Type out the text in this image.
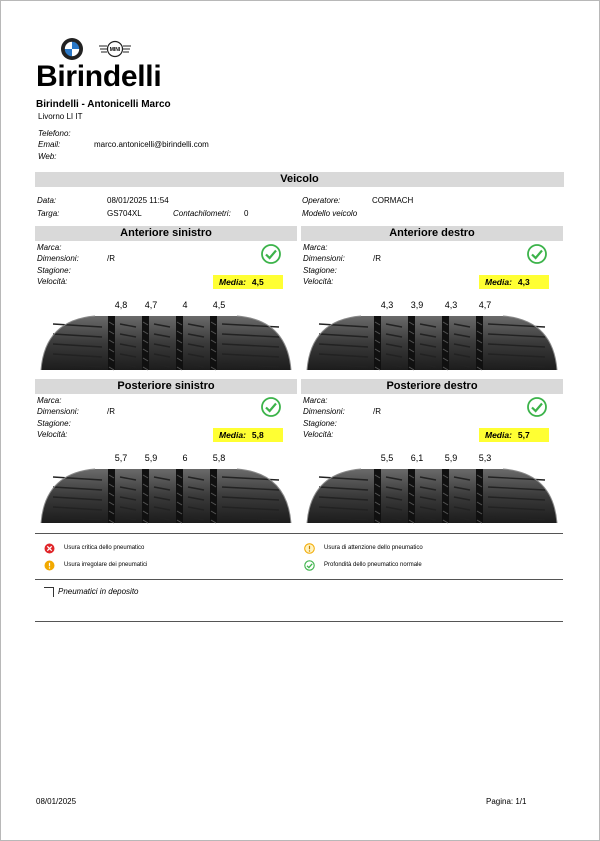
MINI
Birindelli
Birindelli - Antonicelli Marco
Livorno LI IT
Telefono:
Email:	marco.antonicelli@birindelli.com
Web:
Veicolo
Data:	08/01/2025 11:54
Targa:	GS704XL	Contachilometri: 0
Operatore:	CORMACH
Modello veicolo
Anteriore sinistro
Marca:
Dimensioni:	/R
Stagione:
Velocità:	Media: 4,5
4,8	4,7	4	4,5
Anteriore destro
Marca:
Dimensioni:	/R
Stagione:
Velocità:	Media: 4,3
4,3	3,9	4,3	4,7
Posteriore sinistro
Marca:
Dimensioni:	/R
Stagione:
Velocità:	Media: 5,8
5,7	5,9	6	5,8
Posteriore destro
Marca:
Dimensioni:	/R
Stagione:
Velocità:	Media: 5,7
5,5	6,1	5,9	5,3
Usura critica dello pneumatico	Usura di attenzione dello pneumatico
Usura irregolare dei pneumatici	Profondità dello pneumatico normale
Pneumatici in deposito
08/01/2025	Pagina: 1/1
